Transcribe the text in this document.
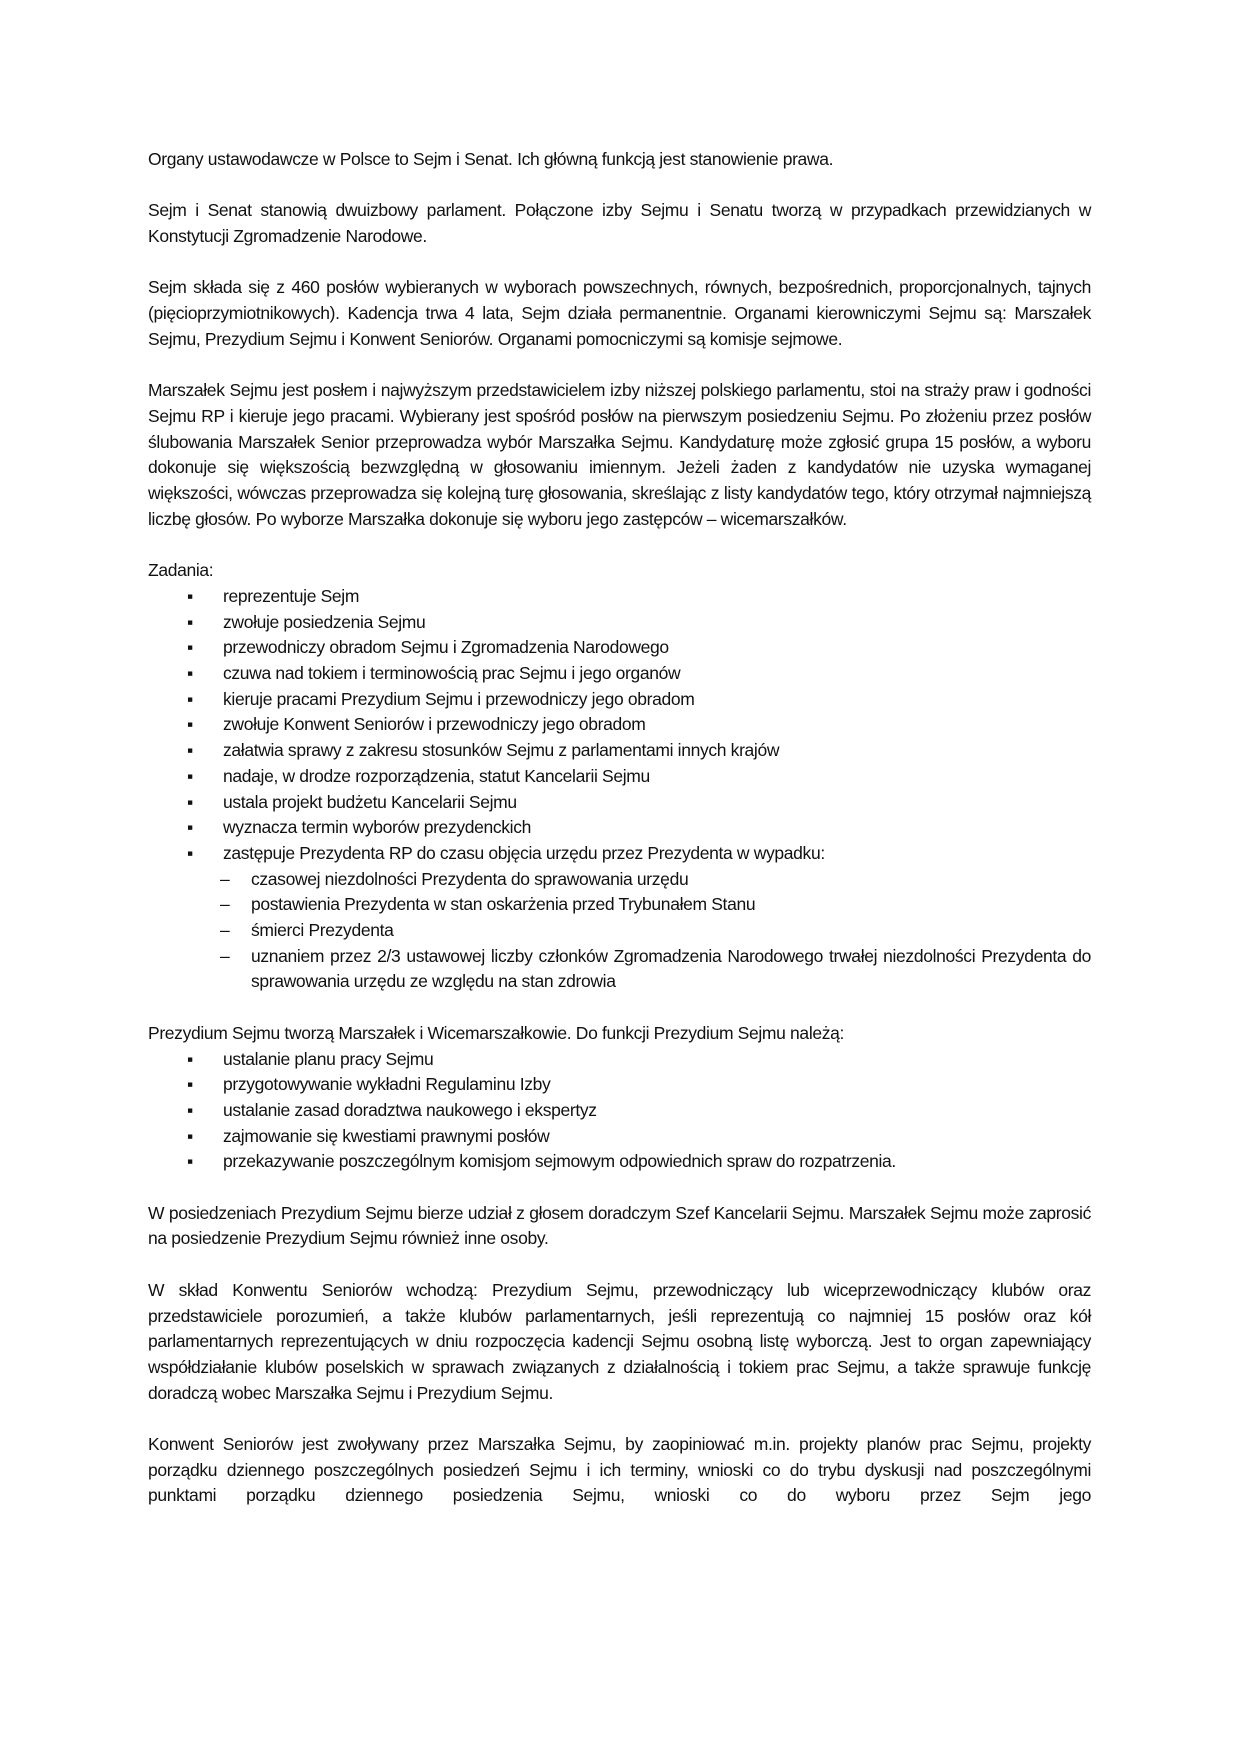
Organy ustawodawcze w Polsce to Sejm i Senat. Ich główną funkcją jest stanowienie prawa.

Sejm i Senat stanowią dwuizbowy parlament. Połączone izby Sejmu i Senatu tworzą w przypadkach przewidzianych w Konstytucji Zgromadzenie Narodowe.

Sejm składa się z 460 posłów wybieranych w wyborach powszechnych, równych, bezpośrednich, proporcjonalnych, tajnych (pięcioprzymiotnikowych). Kadencja trwa 4 lata, Sejm działa permanentnie. Organami kierowniczymi Sejmu są: Marszałek Sejmu, Prezydium Sejmu i Konwent Seniorów. Organami pomocniczymi są komisje sejmowe.

Marszałek Sejmu jest posłem i najwyższym przedstawicielem izby niższej polskiego parlamentu, stoi na straży praw i godności Sejmu RP i kieruje jego pracami. Wybierany jest spośród posłów na pierwszym posiedzeniu Sejmu. Po złożeniu przez posłów ślubowania Marszałek Senior przeprowadza wybór Marszałka Sejmu. Kandydaturę może zgłosić grupa 15 posłów, a wyboru dokonuje się większością bezwzględną w głosowaniu imiennym. Jeżeli żaden z kandydatów nie uzyska wymaganej większości, wówczas przeprowadza się kolejną turę głosowania, skreślając z listy kandydatów tego, który otrzymał najmniejszą liczbę głosów. Po wyborze Marszałka dokonuje się wyboru jego zastępców – wicemarszałków.

Zadania:

▪ reprezentuje Sejm
▪ zwołuje posiedzenia Sejmu
▪ przewodniczy obradom Sejmu i Zgromadzenia Narodowego
▪ czuwa nad tokiem i terminowością prac Sejmu i jego organów
▪ kieruje pracami Prezydium Sejmu i przewodniczy jego obradom
▪ zwołuje Konwent Seniorów i przewodniczy jego obradom
▪ załatwia sprawy z zakresu stosunków Sejmu z parlamentami innych krajów
▪ nadaje, w drodze rozporządzenia, statut Kancelarii Sejmu
▪ ustala projekt budżetu Kancelarii Sejmu
▪ wyznacza termin wyborów prezydenckich
▪ zastępuje Prezydenta RP do czasu objęcia urzędu przez Prezydenta w wypadku:
– czasowej niezdolności Prezydenta do sprawowania urzędu
– postawienia Prezydenta w stan oskarżenia przed Trybunałem Stanu
– śmierci Prezydenta
– uznaniem przez 2/3 ustawowej liczby członków Zgromadzenia Narodowego trwałej niezdolności Prezydenta do sprawowania urzędu ze względu na stan zdrowia

Prezydium Sejmu tworzą Marszałek i Wicemarszałkowie. Do funkcji Prezydium Sejmu należą:

▪ ustalanie planu pracy Sejmu
▪ przygotowywanie wykładni Regulaminu Izby
▪ ustalanie zasad doradztwa naukowego i ekspertyz
▪ zajmowanie się kwestiami prawnymi posłów
▪ przekazywanie poszczególnym komisjom sejmowym odpowiednich spraw do rozpatrzenia.

W posiedzeniach Prezydium Sejmu bierze udział z głosem doradczym Szef Kancelarii Sejmu. Marszałek Sejmu może zaprosić na posiedzenie Prezydium Sejmu również inne osoby.

W skład Konwentu Seniorów wchodzą: Prezydium Sejmu, przewodniczący lub wiceprzewodniczący klubów oraz przedstawiciele porozumień, a także klubów parlamentarnych, jeśli reprezentują co najmniej 15 posłów oraz kół parlamentarnych reprezentujących w dniu rozpoczęcia kadencji Sejmu osobną listę wyborczą. Jest to organ zapewniający współdziałanie klubów poselskich w sprawach związanych z działalnością i tokiem prac Sejmu, a także sprawuje funkcję doradczą wobec Marszałka Sejmu i Prezydium Sejmu.

Konwent Seniorów jest zwoływany przez Marszałka Sejmu, by zaopiniować m.in. projekty planów prac Sejmu, projekty porządku dziennego poszczególnych posiedzeń Sejmu i ich terminy, wnioski co do trybu dyskusji nad poszczególnymi punktami porządku dziennego posiedzenia Sejmu, wnioski co do wyboru przez Sejm jego
